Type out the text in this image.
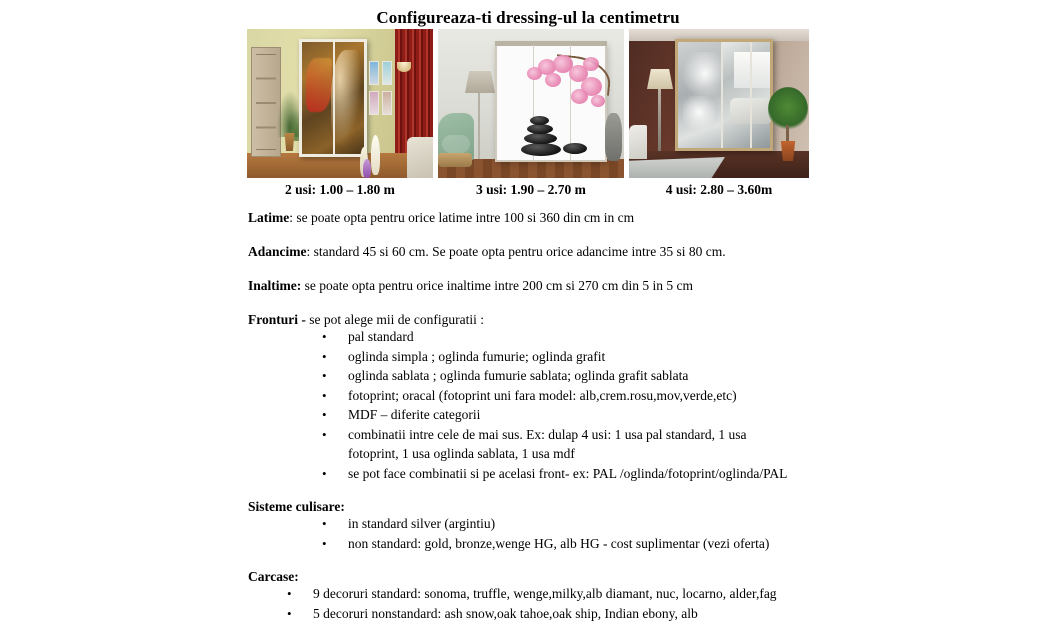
Configureaza-ti dressing-ul la centimetru
2 usi: 1.00 – 1.80 m	3 usi: 1.90 – 2.70 m	4 usi: 2.80 – 3.60m

Latime: se poate opta pentru orice latime intre 100 si 360 din cm in cm

Adancime: standard 45 si 60 cm. Se poate opta pentru orice adancime intre 35 si 80 cm.

Inaltime: se poate opta pentru orice inaltime intre 200 cm si 270 cm din 5 in 5 cm

Fronturi - se pot alege mii de configuratii :

• pal standard
• oglinda simpla ; oglinda fumurie; oglinda grafit
• oglinda sablata ; oglinda fumurie sablata; oglinda grafit sablata
• fotoprint; oracal (fotoprint uni fara model: alb,crem.rosu,mov,verde,etc)
• MDF – diferite categorii
• combinatii intre cele de mai sus. Ex: dulap 4 usi: 1 usa pal standard, 1 usa fotoprint, 1 usa oglinda sablata, 1 usa mdf
• se pot face combinatii si pe acelasi front- ex: PAL /oglinda/fotoprint/oglinda/PAL

Sisteme culisare:

• in standard silver (argintiu)
• non standard: gold, bronze,wenge HG, alb HG - cost suplimentar (vezi oferta)

Carcase:

• 9 decoruri standard: sonoma, truffle, wenge,milky,alb diamant, nuc, locarno, alder,fag
• 5 decoruri nonstandard: ash snow,oak tahoe,oak ship, Indian ebony, alb
